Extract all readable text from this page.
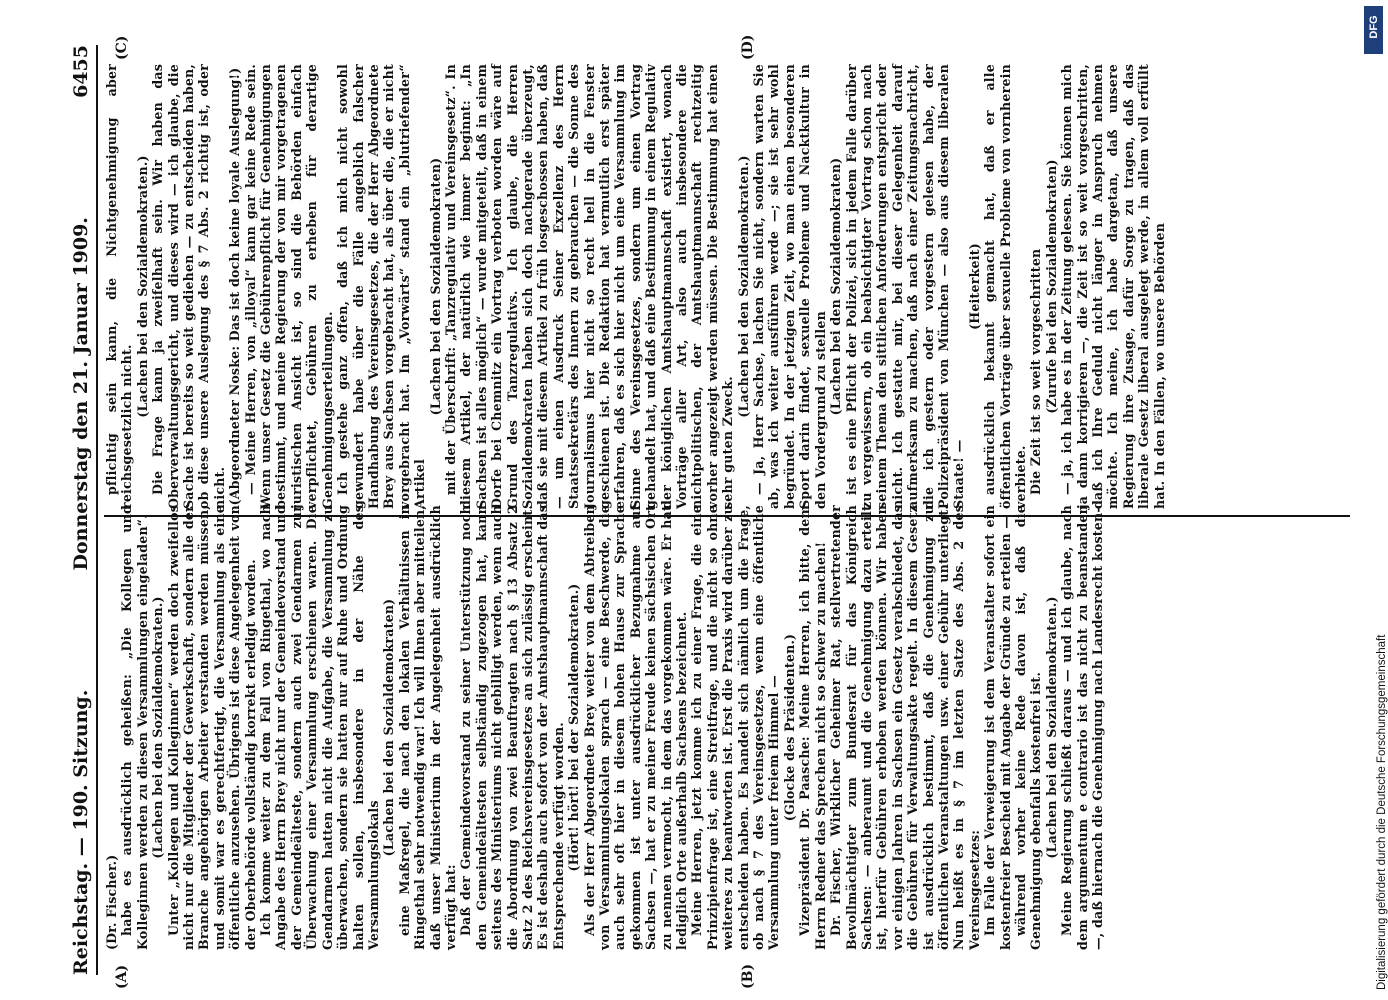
Reichstag. — 190. Sitzung.
Donnerstag den 21. Januar 1909.
6455
(A)	(B)
(C)	(D)

(Dr. Fischer.) habe es ausdrücklich geheißen: „Die Kollegen und Kolleginnen werden zu diesen Versammlungen eingeladen“. (Lachen bei den Sozialdemokraten.) Unter „Kollegen und Kolleginnen“ werden doch zweifellos nicht nur die Mitglieder der Gewerkschaft, sondern alle der Branche angehörigen Arbeiter verstanden werden müssen, und somit war es gerechtfertigt, die Versammlung als eine öffentliche anzusehen. Übrigens ist diese Angelegenheit von der Oberbehörde vollständig korrekt erledigt worden. Ich komme weiter zu dem Fall von Ringethal, wo nach Angabe des Herrn Brey nicht nur der Gemeindevorstand und der Gemeindeälteste, sondern auch zwei Gendarmen zur Überwachung einer Versammlung erschienen waren. Die Gendarmen hatten nicht die Aufgabe, die Versammlung zu überwachen, sondern sie hatten nur auf Ruhe und Ordnung halten sollen, insbesondere in der Nähe des Versammlungslokals

(Lachen bei den Sozialdemokraten) eine Maßregel, die nach den lokalen Verhältnissen in Ringethal sehr notwendig war! Ich will Ihnen aber mitteilen, daß unser Ministerium in der Angelegenheit ausdrücklich verfügt hat: Daß der Gemeindevorstand zu seiner Unterstützung noch den Gemeindeältesten selbständig zugezogen hat, kann seitens des Ministeriums nicht gebilligt werden, wenn auch die Abordnung von zwei Beauftragten nach § 13 Absatz 2 Satz 2 des Reichsvereinsgesetzes an sich zulässig erscheint. Es ist deshalb auch sofort von der Amtshauptmannschaft das Entsprechende verfügt worden. (Hört! hört! bei der Sozialdemokraten.) Als der Herr Abgeordnete Brey weiter von dem Abtreiben von Versammlungslokalen sprach — eine Beschwerde, die auch sehr oft hier in diesem hohen Hause zur Sprache gekommen ist unter ausdrücklicher Bezugnahme auf Sachsen —, hat er zu meiner Freude keinen sächsischen Ort zu nennen vermocht, in dem das vorgekommen wäre. Er hat lediglich Orte außerhalb Sachsens bezeichnet. Meine Herren, jetzt komme ich zu einer Frage, die eine Prinzipienfrage ist, eine Streitfrage, und die nicht so ohne weiteres zu beantworten ist. Erst die Praxis wird darüber zu entscheiden haben. Es handelt sich nämlich um die Frage, ob nach § 7 des Vereinsgesetzes, wenn eine öffentliche Versammlung unter freiem Himmel — (Glocke des Präsidenten.) Vizepräsident Dr. Paasche: Meine Herren, ich bitte, dem Herrn Redner das Sprechen nicht so schwer zu machen! Dr. Fischer, Wirklicher Geheimer Rat, stellvertretender Bevollmächtigter zum Bundesrat für das Königreich Sachsen: — anberaumt und die Genehmigung dazu erteilt ist, hierfür Gebühren erhoben werden können. Wir haben vor einigen Jahren in Sachsen ein Gesetz verabschiedet, das die Gebühren für Verwaltungsakte regelt. In diesem Gesetz ist ausdrücklich bestimmt, daß die Genehmigung zu öffentlichen Veranstaltungen usw. einer Gebühr unterliegt. Nun heißt es in § 7 im letzten Satze des Abs. 2 des Vereinsgesetzes: Im Falle der Verweigerung ist dem Veranstalter sofort ein kostenfreier Bescheid mit Angabe der Gründe zu erteilen — während vorher keine Rede davon ist, daß die Genehmigung ebenfalls kostenfrei ist. (Lachen bei den Sozialdemokraten.) Meine Regierung schließt daraus — und ich glaube, nach dem argumentum e contrario ist das nicht zu beanstanden —, daß hiernach die Genehmigung nach Landesrecht kosten-

pflichtig sein kann, die Nichtgenehmigung aber reichsgesetzlich nicht.

(Lachen bei den Sozialdemokraten.) Die Frage kann ja zweifelhaft sein. Wir haben das Oberverwaltungsgericht, und dieses wird — ich glaube, die Sache ist bereits so weit gediehen — zu entscheiden haben, ob diese unsere Auslegung des § 7 Abs. 2 richtig ist, oder nicht. (Abgeordneter Noske: Das ist doch keine loyale Auslegung!) — Meine Herren, von „illoyal“ kann gar keine Rede sein. Wenn unser Gesetz die Gebührenpflicht für Genehmigungen bestimmt, und meine Regierung der von mir vorgetragenen juristischen Ansicht ist, so sind die Behörden einfach verpflichtet, Gebühren zu erheben für derartige Genehmigungserteilungen. Ich gestehe ganz offen, daß ich mich nicht sowohl gewundert habe über die Fälle angeblich falscher Handhabung des Vereinsgesetzes, die der Herr Abgeordnete Brey aus Sachsen vorgebracht hat, als über die, die er nicht vorgebracht hat. Im „Vorwärts“ stand ein „blutriefender“ Artikel

(Lachen bei den Sozialdemokraten) mit der Überschrift: „Tanzregulativ und Vereinsgesetz“. In diesem Artikel, der natürlich wie immer beginnt: „In Sachsen ist alles möglich“ — wurde mitgeteilt, daß in einem Dorfe bei Chemnitz ein Vortrag verboten worden wäre auf Grund des Tanzregulativs. Ich glaube, die Herren Sozialdemokraten haben sich doch nachgerade überzeugt, daß sie mit diesem Artikel zu früh losgeschossen haben, daß — um einen Ausdruck Seiner Exzellenz des Herrn Staatssekretärs des Innern zu gebrauchen — die Sonne des Journalismus hier nicht so recht hell in die Fenster geschienen ist. Die Redaktion hat vermutlich erst später erfahren, daß es sich hier nicht um eine Versammlung im Sinne des Vereinsgesetzes, sondern um einen Vortrag gehandelt hat, und daß eine Bestimmung in einem Regulativ der königlichen Amtshauptmannschaft existiert, wonach Vorträge aller Art, also auch insbesondere die nichtpolitischen, der Amtshauptmannschaft rechtzeitig vorher angezeigt werden müssen. Die Bestimmung hat einen sehr guten Zweck.

(Lachen bei den Sozialdemokraten.) — Ja, Herr Sachse, lachen Sie nicht, sondern warten Sie ab, was ich weiter ausführen werde —; sie ist sehr wohl begründet. In der jetzigen Zeit, wo man einen besonderen Sport darin findet, sexuelle Probleme und Nacktkultur in den Vordergrund zu stellen (Lachen bei den Sozialdemokraten) ist es eine Pflicht der Polizei, sich in jedem Falle darüber zu vergewissern, ob ein beabsichtigter Vortrag schon nach seinem Thema den sittlichen Anforderungen entspricht oder nicht. Ich gestatte mir, bei dieser Gelegenheit darauf aufmerksam zu machen, daß nach einer Zeitungsnachricht, die ich gestern oder vorgestern gelesen habe, der Polizeipräsident von München — also aus diesem liberalen Staate! —

(Heiterkeit) ausdrücklich bekannt gemacht hat, daß er alle öffentlichen Vorträge über sexuelle Probleme von vornherein verbiete. Die Zeit ist so weit vorgeschritten (Zurufe bei den Sozialdemokraten) — ja, ich habe es in der Zeitung gelesen. Sie können mich ja dann korrigieren —, die Zeit ist so weit vorgeschritten, daß ich Ihre Geduld nicht länger in Anspruch nehmen möchte. Ich meine, ich habe dargetan, daß unsere Regierung ihre Zusage, dafür Sorge zu tragen, daß das liberale Gesetz liberal ausgelegt werde, in allem voll erfüllt hat. In den Fällen, wo unsere Behörden

DFG
Digitalisierung gefördert durch die Deutsche Forschungsgemeinschaft
